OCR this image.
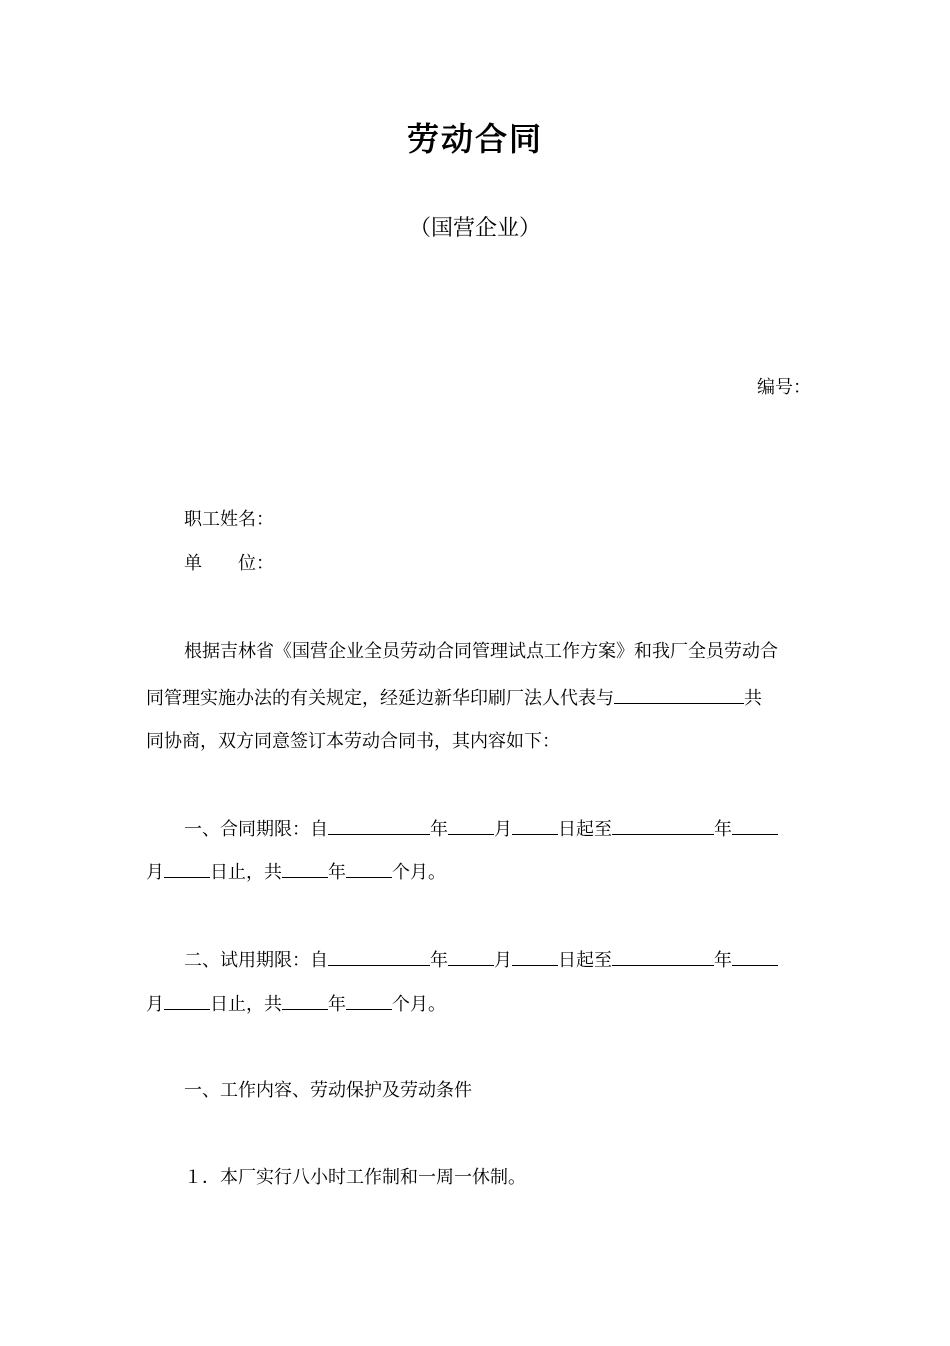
劳动合同
（国营企业）
编号：
职工姓名：
单 位：
根据吉林省《国营企业全员劳动合同管理试点工作方案》和我厂全员劳动合
同管理实施办法的有关规定，经延边新华印刷厂法人代表与	共
同协商，双方同意签订本劳动合同书，其内容如下：
一、合同期限：自	年	月	日起至	年
月	日止，共	年	个月。
二、试用期限：自	年	月	日起至	年
月	日止，共	年	个月。
一、工作内容、劳动保护及劳动条件
１．本厂实行八小时工作制和一周一休制。
